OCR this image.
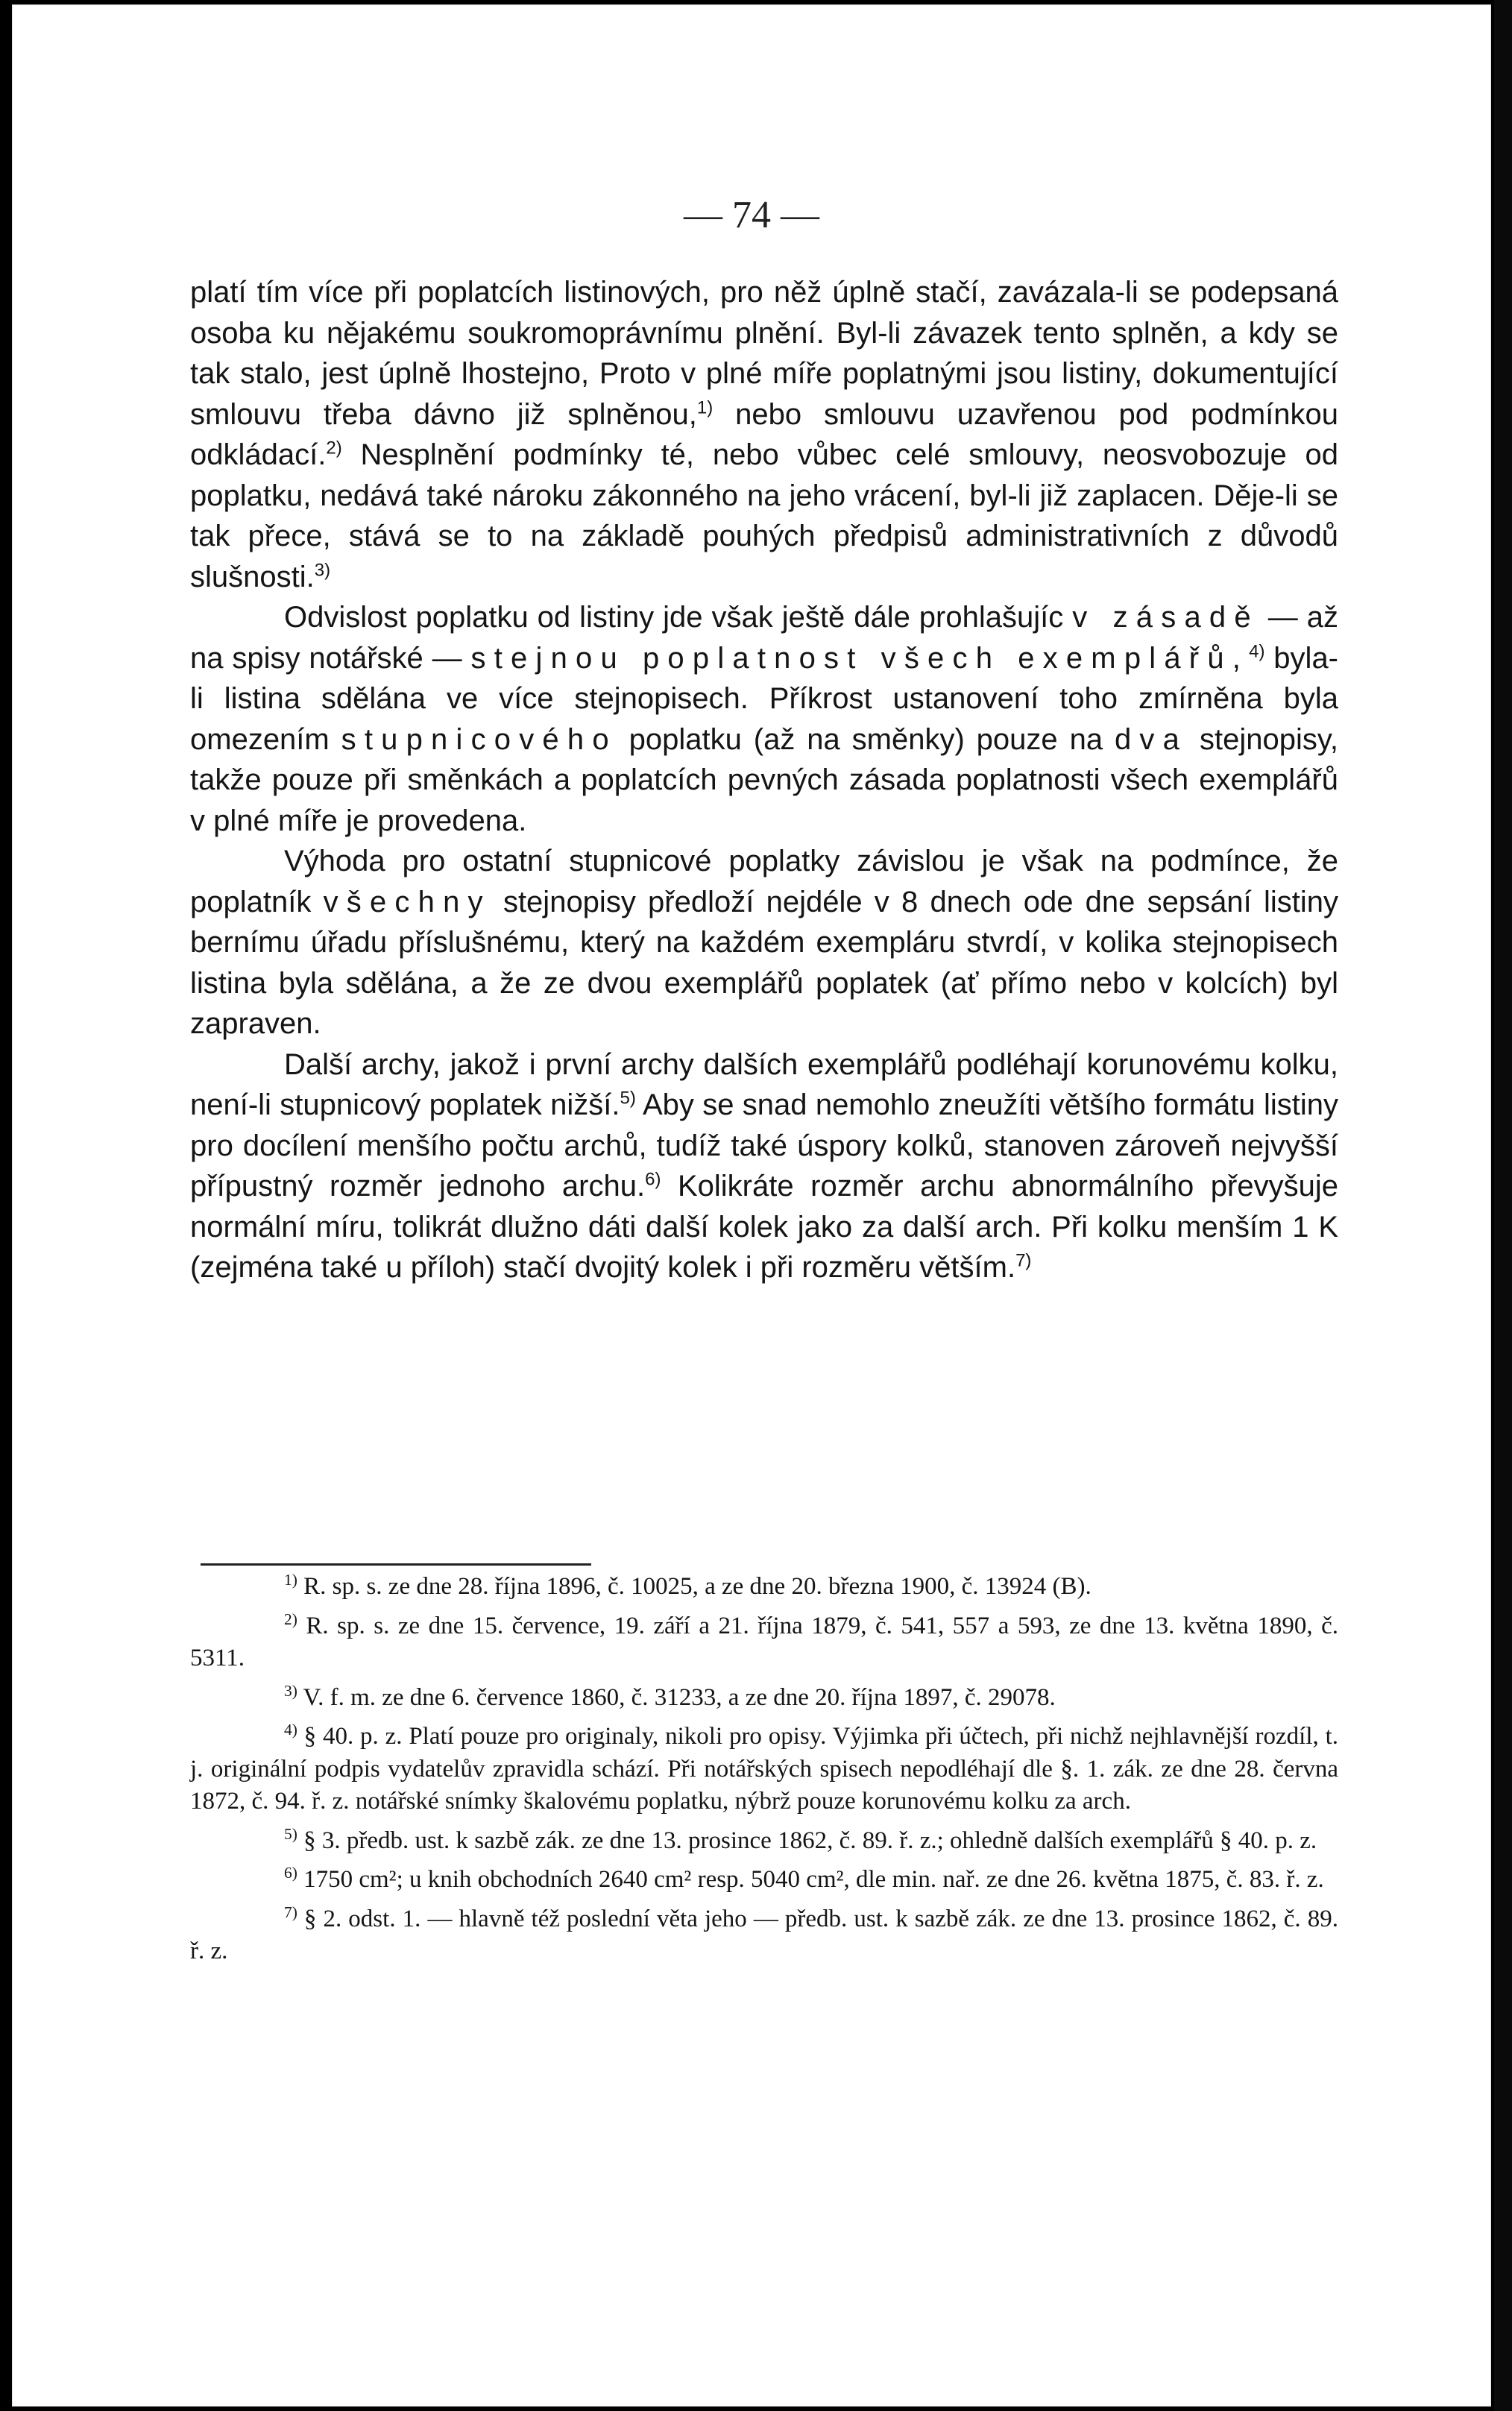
— 74 —

platí tím více při poplatcích listinových, pro něž úplně stačí, zavázala-li se podepsaná osoba ku nějakému soukromoprávnímu plnění. Byl-li závazek tento splněn, a kdy se tak stalo, jest úplně lhostejno, Proto v plné míře poplatnými jsou listiny, dokumentující smlouvu třeba dávno již splněnou,$^{1)}$ nebo smlouvu uzavřenou pod podmínkou odkládací.$^{2)}$ Nesplnění podmínky té, nebo vůbec celé smlouvy, neosvobozuje od poplatku, nedává také nároku zákonného na jeho vrácení, byl-li již zaplacen. Děje-li se tak přece, stává se to na základě pouhých předpisů administrativních z důvodů slušnosti.$^{3)}$

Odvislost poplatku od listiny jde však ještě dále prohlašujíc v zásadě — až na spisy notářské — stejnou poplatnost všech exemplářů,$^{4)}$ byla-li listina sdělána ve více stejnopisech. Příkrost ustanovení toho zmírněna byla omezením stupnicového poplatku (až na směnky) pouze na dva stejnopisy, takže pouze při směnkách a poplatcích pevných zásada poplatnosti všech exemplářů v plné míře je provedena.

Výhoda pro ostatní stupnicové poplatky závislou je však na podmínce, že poplatník všechny stejnopisy předloží nejdéle v 8 dnech ode dne sepsání listiny bernímu úřadu příslušnému, který na každém exempláru stvrdí, v kolika stejnopisech listina byla sdělána, a že ze dvou exemplářů poplatek (ať přímo nebo v kolcích) byl zapraven.

Další archy, jakož i první archy dalších exemplářů podléhají korunovému kolku, není-li stupnicový poplatek nižší.$^{5)}$ Aby se snad nemohlo zneužíti většího formátu listiny pro docílení menšího počtu archů, tudíž také úspory kolků, stanoven zároveň nejvyšší přípustný rozměr jednoho archu.$^{6)}$ Kolikráte rozměr archu abnormálního převyšuje normální míru, tolikrát dlužno dáti další kolek jako za další arch. Při kolku menším 1 K (zejména také u příloh) stačí dvojitý kolek i při rozměru větším.$^{7)}$

$^{1)}$ R. sp. s. ze dne 28. října 1896, č. 10025, a ze dne 20. března 1900, č. 13924 (B).

$^{2)}$ R. sp. s. ze dne 15. července, 19. září a 21. října 1879, č. 541, 557 a 593, ze dne 13. května 1890, č. 5311.

$^{3)}$ V. f. m. ze dne 6. července 1860, č. 31233, a ze dne 20. října 1897, č. 29078.

$^{4)}$ § 40. p. z. Platí pouze pro originaly, nikoli pro opisy. Výjimka při účtech, při nichž nejhlavnější rozdíl, t. j. originální podpis vydatelův zpravidla schází. Při notářských spisech nepodléhají dle §. 1. zák. ze dne 28. června 1872, č. 94. ř. z. notářské snímky škalovému poplatku, nýbrž pouze korunovému kolku za arch.

$^{5)}$ § 3. předb. ust. k sazbě zák. ze dne 13. prosince 1862, č. 89. ř. z.; ohledně dalších exemplářů § 40. p. z.

$^{6)}$ 1750 cm²; u knih obchodních 2640 cm² resp. 5040 cm², dle min. nař. ze dne 26. května 1875, č. 83. ř. z.

$^{7)}$ § 2. odst. 1. — hlavně též poslední věta jeho — předb. ust. k sazbě zák. ze dne 13. prosince 1862, č. 89. ř. z.
